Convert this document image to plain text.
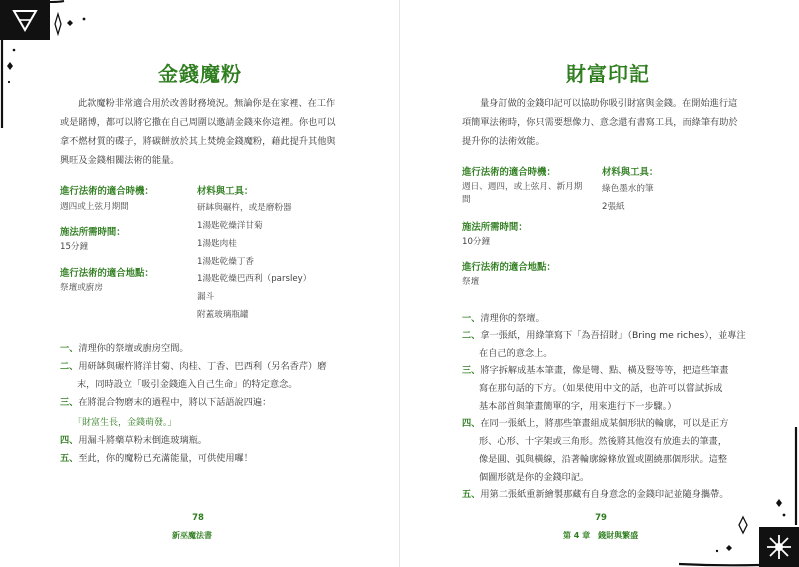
金錢魔粉

此款魔粉非常適合用於改善財務境況。無論你是在家裡、在工作或是賭博，都可以將它撒在自己周圍以邀請金錢來你這裡。你也可以拿不燃材質的碟子，將碳餅放於其上焚燒金錢魔粉，藉此提升其他與興旺及金錢相關法術的能量。

進行法術的適合時機：
週四或上弦月期間
施法所需時間：
15分鐘
進行法術的適合地點：
祭壇或廚房
材料與工具：
研缽與碾杵，或是磨粉器
1湯匙乾燥洋甘菊
1湯匙肉桂
1湯匙乾燥丁香
1湯匙乾燥巴西利（parsley）
漏斗
附蓋玻璃瓶罐
一、清理你的祭壇或廚房空間。
二、用研缽與碾杵將洋甘菊、肉桂、丁香、巴西利（另名香芹）磨
末，同時設立「吸引金錢進入自己生命」的特定意念。
三、在將混合物磨末的過程中，將以下話語說四遍：
「財富生長，金錢萌發。」
四、用漏斗將藥草粉末倒進玻璃瓶。
五、至此，你的魔粉已充滿能量，可供使用囉！
78
新巫魔法書
財富印記

量身訂做的金錢印記可以協助你吸引財富與金錢。在開始進行這項簡單法術時，你只需要想像力、意念還有書寫工具，而綠筆有助於提升你的法術效能。

進行法術的適合時機：
週日、週四，或上弦月、新月期間
施法所需時間：
10分鐘
進行法術的適合地點：
祭壇
材料與工具：
綠色墨水的筆
2張紙
一、清理你的祭壇。
二、拿一張紙，用綠筆寫下「為吾招財」（Bring me riches），並專注
在自己的意念上。
三、將字拆解成基本筆畫，像是彎、點、橫及豎等等，把這些筆畫
寫在那句話的下方。（如果使用中文的話，也許可以嘗試拆成
基本部首與筆畫簡單的字，用來進行下一步驟。）
四、在同一張紙上，將那些筆畫組成某個形狀的輪廓，可以是正方
形、心形、十字架或三角形。然後將其他沒有放進去的筆畫，
像是圓、弧與橫線，沿著輪廓線條放置或圍繞那個形狀。這整
個圖形就是你的金錢印記。
五、用第二張紙重新繪製那藏有自身意念的金錢印記並隨身攜帶。
79
第 4 章　錢財與繁盛
